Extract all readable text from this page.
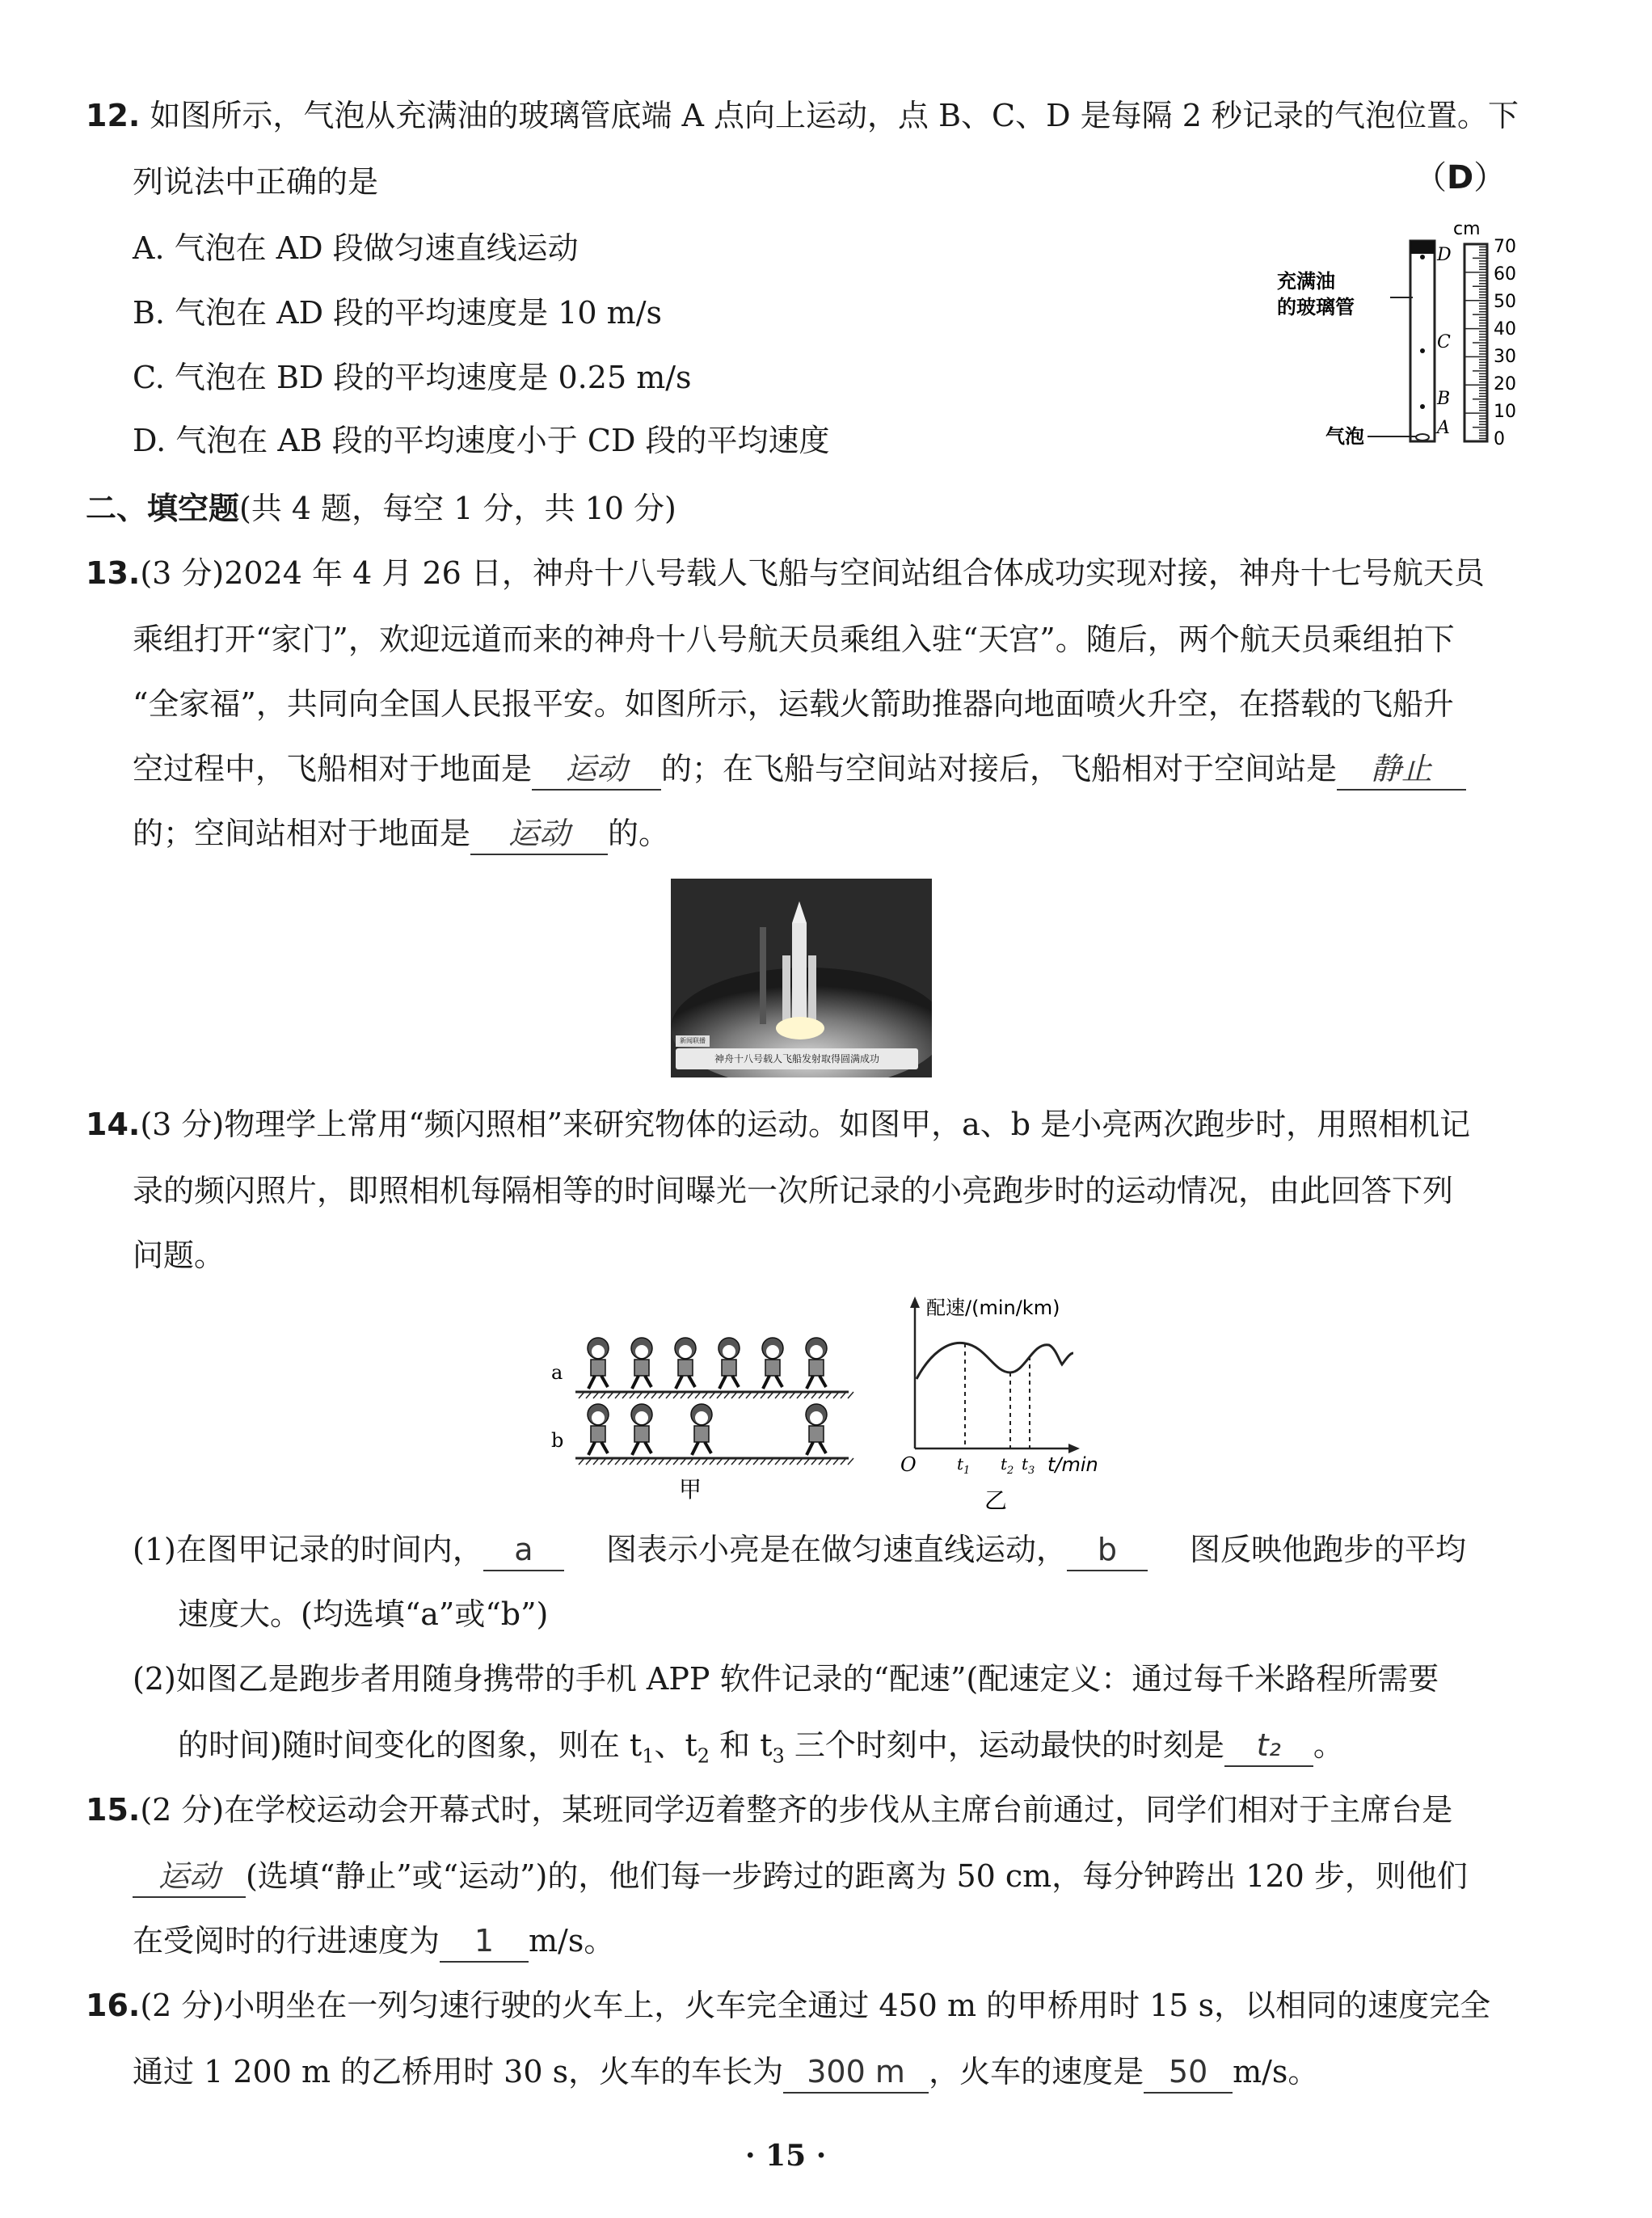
12. 如图所示，气泡从充满油的玻璃管底端 A 点向上运动，点 B、C、D 是每隔 2 秒记录的气泡位置。下
列说法中正确的是	（D）
A. 气泡在 AD 段做匀速直线运动
B. 气泡在 AD 段的平均速度是 10 m/s
C. 气泡在 BD 段的平均速度是 0.25 m/s
D. 气泡在 AB 段的平均速度小于 CD 段的平均速度
cm
70
60
50
40
30
20
10
0
D
C
B
A
充满油
的玻璃管
气泡
二、填空题(共 4 题，每空 1 分，共 10 分)
13.(3 分)2024 年 4 月 26 日，神舟十八号载人飞船与空间站组合体成功实现对接，神舟十七号航天员
乘组打开“家门”，欢迎远道而来的神舟十八号航天员乘组入驻“天宫”。随后，两个航天员乘组拍下
“全家福”，共同向全国人民报平安。如图所示，运载火箭助推器向地面喷火升空，在搭载的飞船升
空过程中，飞船相对于地面是 运动 的；在飞船与空间站对接后，飞船相对于空间站是 静止
的；空间站相对于地面是 运动 的。
新闻联播
神舟十八号载人飞船发射取得圆满成功
14.(3 分)物理学上常用“频闪照相”来研究物体的运动。如图甲，a、b 是小亮两次跑步时，用照相机记
录的频闪照片，即照相机每隔相等的时间曝光一次所记录的小亮跑步时的运动情况，由此回答下列
问题。
a
b
甲
配速/(min/km)
t/min
O	$t_1$ $t_2$ $t_3$
乙
(1)在图甲记录的时间内， a 图表示小亮是在做匀速直线运动， b 图反映他跑步的平均
速度大。(均选填“a”或“b”)
(2)如图乙是跑步者用随身携带的手机 APP 软件记录的“配速”(配速定义：通过每千米路程所需要
的时间)随时间变化的图象，则在 $t_1$、$t_2$ 和 $t_3$ 三个时刻中，运动最快的时刻是 t₂ 。
15.(2 分)在学校运动会开幕式时，某班同学迈着整齐的步伐从主席台前通过，同学们相对于主席台是
运动 (选填“静止”或“运动”)的，他们每一步跨过的距离为 50 cm，每分钟跨出 120 步，则他们
在受阅时的行进速度为 1 m/s。
16.(2 分)小明坐在一列匀速行驶的火车上，火车完全通过 450 m 的甲桥用时 15 s，以相同的速度完全
通过 1 200 m 的乙桥用时 30 s，火车的车长为 300 m ，火车的速度是 50 m/s。
· 15 ·
